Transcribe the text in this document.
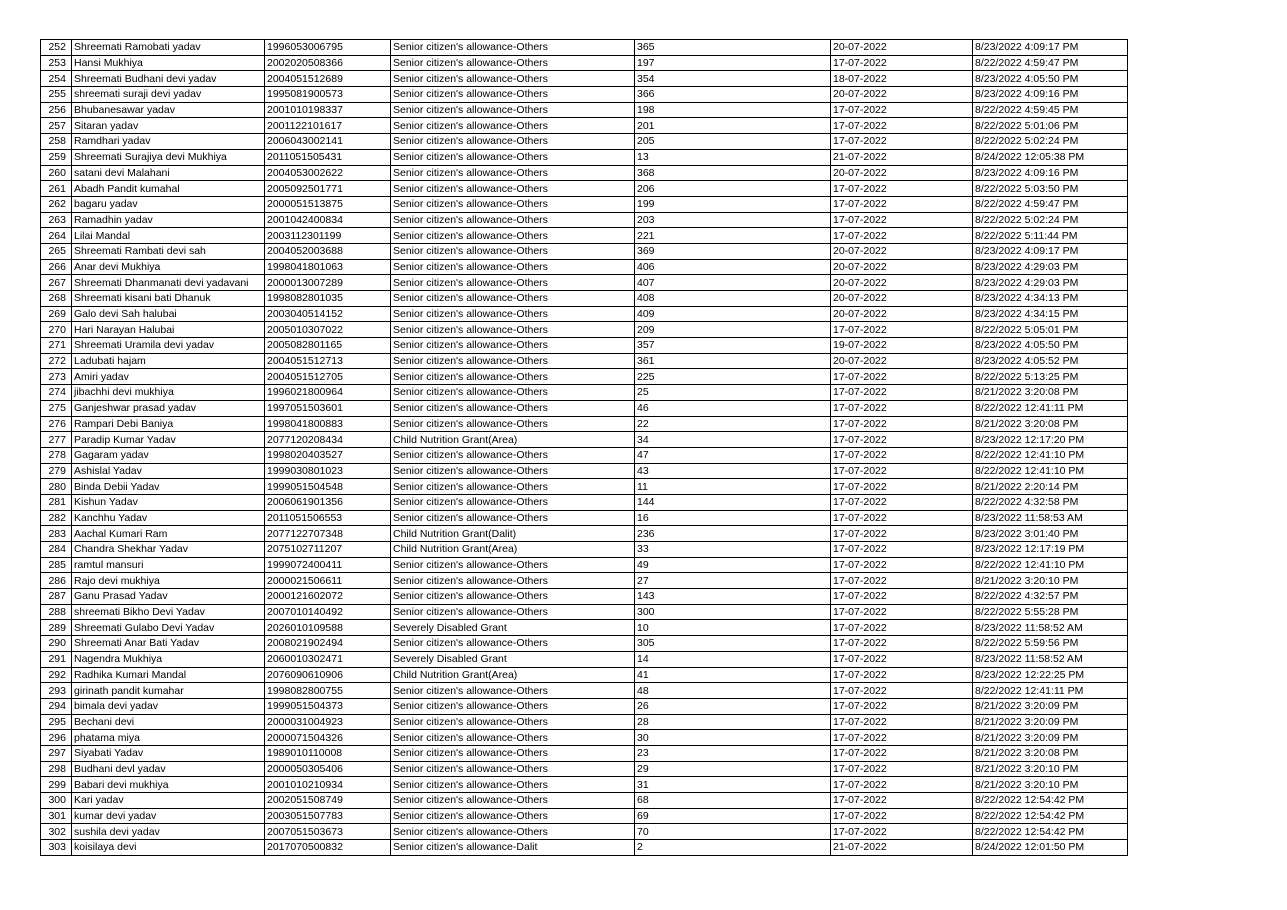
252	Shreemati Ramobati yadav	1996053006795	Senior citizen's allowance-Others	365	20-07-2022	8/23/2022 4:09:17 PM
253	Hansi Mukhiya	2002020508366	Senior citizen's allowance-Others	197	17-07-2022	8/22/2022 4:59:47 PM
254	Shreemati Budhani devi yadav	2004051512689	Senior citizen's allowance-Others	354	18-07-2022	8/23/2022 4:05:50 PM
255	shreemati suraji devi yadav	1995081900573	Senior citizen's allowance-Others	366	20-07-2022	8/23/2022 4:09:16 PM
256	Bhubanesawar yadav	2001010198337	Senior citizen's allowance-Others	198	17-07-2022	8/22/2022 4:59:45 PM
257	Sitaran yadav	2001122101617	Senior citizen's allowance-Others	201	17-07-2022	8/22/2022 5:01:06 PM
258	Ramdhari yadav	2006043002141	Senior citizen's allowance-Others	205	17-07-2022	8/22/2022 5:02:24 PM
259	Shreemati Surajiya devi Mukhiya	2011051505431	Senior citizen's allowance-Others	13	21-07-2022	8/24/2022 12:05:38 PM
260	satani devi Malahani	2004053002622	Senior citizen's allowance-Others	368	20-07-2022	8/23/2022 4:09:16 PM
261	Abadh Pandit kumahal	2005092501771	Senior citizen's allowance-Others	206	17-07-2022	8/22/2022 5:03:50 PM
262	bagaru yadav	2000051513875	Senior citizen's allowance-Others	199	17-07-2022	8/22/2022 4:59:47 PM
263	Ramadhin yadav	2001042400834	Senior citizen's allowance-Others	203	17-07-2022	8/22/2022 5:02:24 PM
264	Lilai Mandal	2003112301199	Senior citizen's allowance-Others	221	17-07-2022	8/22/2022 5:11:44 PM
265	Shreemati Rambati devi sah	2004052003688	Senior citizen's allowance-Others	369	20-07-2022	8/23/2022 4:09:17 PM
266	Anar devi Mukhiya	1998041801063	Senior citizen's allowance-Others	406	20-07-2022	8/23/2022 4:29:03 PM
267	Shreemati Dhanmanati devi yadavani	2000013007289	Senior citizen's allowance-Others	407	20-07-2022	8/23/2022 4:29:03 PM
268	Shreemati kisani bati Dhanuk	1998082801035	Senior citizen's allowance-Others	408	20-07-2022	8/23/2022 4:34:13 PM
269	Galo devi Sah halubai	2003040514152	Senior citizen's allowance-Others	409	20-07-2022	8/23/2022 4:34:15 PM
270	Hari Narayan Halubai	2005010307022	Senior citizen's allowance-Others	209	17-07-2022	8/22/2022 5:05:01 PM
271	Shreemati Uramila devi yadav	2005082801165	Senior citizen's allowance-Others	357	19-07-2022	8/23/2022 4:05:50 PM
272	Ladubati hajam	2004051512713	Senior citizen's allowance-Others	361	20-07-2022	8/23/2022 4:05:52 PM
273	Amiri yadav	2004051512705	Senior citizen's allowance-Others	225	17-07-2022	8/22/2022 5:13:25 PM
274	jibachhi devi mukhiya	1996021800964	Senior citizen's allowance-Others	25	17-07-2022	8/21/2022 3:20:08 PM
275	Ganjeshwar prasad yadav	1997051503601	Senior citizen's allowance-Others	46	17-07-2022	8/22/2022 12:41:11 PM
276	Rampari Debi Baniya	1998041800883	Senior citizen's allowance-Others	22	17-07-2022	8/21/2022 3:20:08 PM
277	Paradip Kumar Yadav	2077120208434	Child Nutrition Grant(Area)	34	17-07-2022	8/23/2022 12:17:20 PM
278	Gagaram yadav	1998020403527	Senior citizen's allowance-Others	47	17-07-2022	8/22/2022 12:41:10 PM
279	Ashislal Yadav	1999030801023	Senior citizen's allowance-Others	43	17-07-2022	8/22/2022 12:41:10 PM
280	Binda Debii Yadav	1999051504548	Senior citizen's allowance-Others	11	17-07-2022	8/21/2022 2:20:14 PM
281	Kishun Yadav	2006061901356	Senior citizen's allowance-Others	144	17-07-2022	8/22/2022 4:32:58 PM
282	Kanchhu Yadav	2011051506553	Senior citizen's allowance-Others	16	17-07-2022	8/23/2022 11:58:53 AM
283	Aachal Kumari Ram	2077122707348	Child Nutrition Grant(Dalit)	236	17-07-2022	8/23/2022 3:01:40 PM
284	Chandra Shekhar Yadav	2075102711207	Child Nutrition Grant(Area)	33	17-07-2022	8/23/2022 12:17:19 PM
285	ramtul mansuri	1999072400411	Senior citizen's allowance-Others	49	17-07-2022	8/22/2022 12:41:10 PM
286	Rajo devi mukhiya	2000021506611	Senior citizen's allowance-Others	27	17-07-2022	8/21/2022 3:20:10 PM
287	Ganu Prasad Yadav	2000121602072	Senior citizen's allowance-Others	143	17-07-2022	8/22/2022 4:32:57 PM
288	shreemati Bikho Devi Yadav	2007010140492	Senior citizen's allowance-Others	300	17-07-2022	8/22/2022 5:55:28 PM
289	Shreemati Gulabo Devi Yadav	2026010109588	Severely Disabled Grant	10	17-07-2022	8/23/2022 11:58:52 AM
290	Shreemati Anar Bati Yadav	2008021902494	Senior citizen's allowance-Others	305	17-07-2022	8/22/2022 5:59:56 PM
291	Nagendra Mukhiya	2060010302471	Severely Disabled Grant	14	17-07-2022	8/23/2022 11:58:52 AM
292	Radhika Kumari Mandal	2076090610906	Child Nutrition Grant(Area)	41	17-07-2022	8/23/2022 12:22:25 PM
293	girinath pandit kumahar	1998082800755	Senior citizen's allowance-Others	48	17-07-2022	8/22/2022 12:41:11 PM
294	bimala devi yadav	1999051504373	Senior citizen's allowance-Others	26	17-07-2022	8/21/2022 3:20:09 PM
295	Bechani devi	2000031004923	Senior citizen's allowance-Others	28	17-07-2022	8/21/2022 3:20:09 PM
296	phatama miya	2000071504326	Senior citizen's allowance-Others	30	17-07-2022	8/21/2022 3:20:09 PM
297	Siyabati Yadav	1989010110008	Senior citizen's allowance-Others	23	17-07-2022	8/21/2022 3:20:08 PM
298	Budhani devl yadav	2000050305406	Senior citizen's allowance-Others	29	17-07-2022	8/21/2022 3:20:10 PM
299	Babari devi mukhiya	2001010210934	Senior citizen's allowance-Others	31	17-07-2022	8/21/2022 3:20:10 PM
300	Kari yadav	2002051508749	Senior citizen's allowance-Others	68	17-07-2022	8/22/2022 12:54:42 PM
301	kumar devi yadav	2003051507783	Senior citizen's allowance-Others	69	17-07-2022	8/22/2022 12:54:42 PM
302	sushila devi yadav	2007051503673	Senior citizen's allowance-Others	70	17-07-2022	8/22/2022 12:54:42 PM
303	koisilaya devi	2017070500832	Senior citizen's allowance-Dalit	2	21-07-2022	8/24/2022 12:01:50 PM
